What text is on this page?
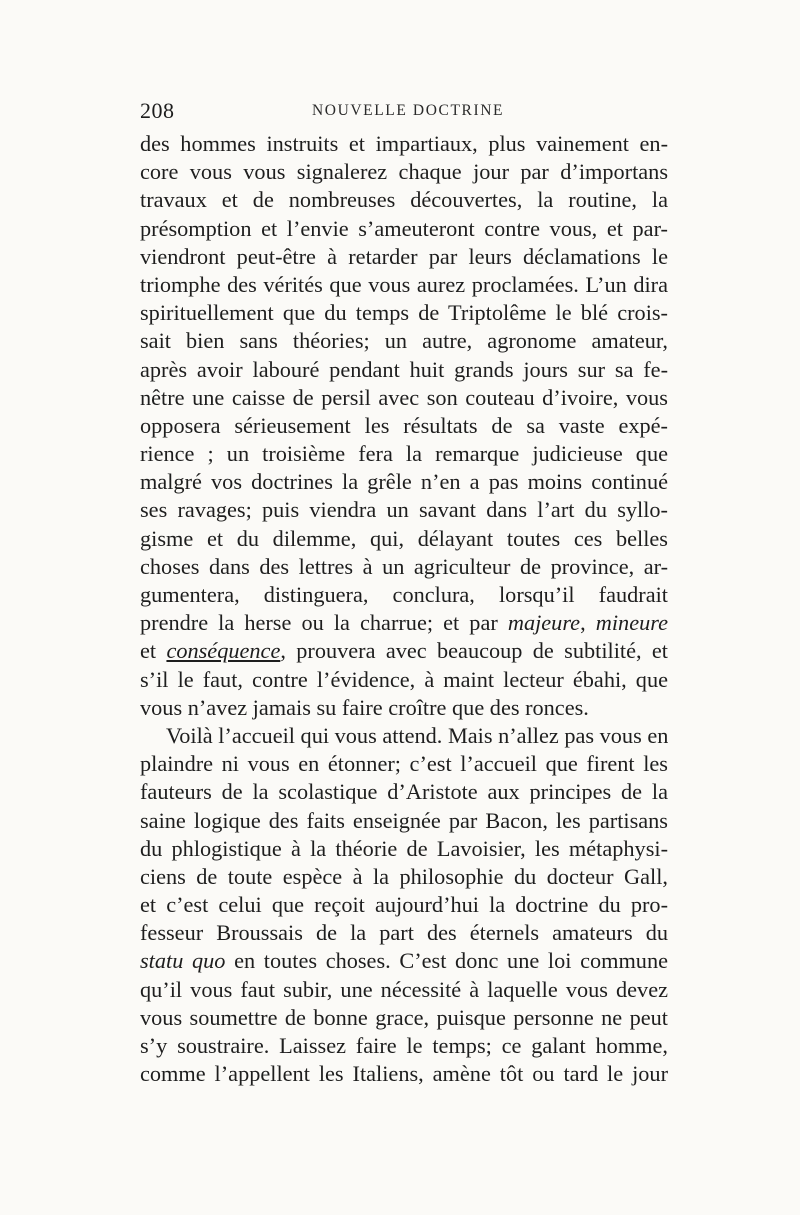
208	NOUVELLE DOCTRINE
des hommes instruits et impartiaux, plus vainement en-
core vous vous signalerez chaque jour par d’importans
travaux et de nombreuses découvertes, la routine, la
présomption et l’envie s’ameuteront contre vous, et par-
viendront peut-être à retarder par leurs déclamations le
triomphe des vérités que vous aurez proclamées. L’un dira
spirituellement que du temps de Triptolême le blé crois-
sait bien sans théories; un autre, agronome amateur,
après avoir labouré pendant huit grands jours sur sa fe-
nêtre une caisse de persil avec son couteau d’ivoire, vous
opposera sérieusement les résultats de sa vaste expé-
rience ; un troisième fera la remarque judicieuse que
malgré vos doctrines la grêle n’en a pas moins continué
ses ravages; puis viendra un savant dans l’art du syllo-
gisme et du dilemme, qui, délayant toutes ces belles
choses dans des lettres à un agriculteur de province, ar-
gumentera, distinguera, conclura, lorsqu’il faudrait
prendre la herse ou la charrue; et par majeure, mineure
et conséquence, prouvera avec beaucoup de subtilité, et
s’il le faut, contre l’évidence, à maint lecteur ébahi, que
vous n’avez jamais su faire croître que des ronces.
Voilà l’accueil qui vous attend. Mais n’allez pas vous en
plaindre ni vous en étonner; c’est l’accueil que firent les
fauteurs de la scolastique d’Aristote aux principes de la
saine logique des faits enseignée par Bacon, les partisans
du phlogistique à la théorie de Lavoisier, les métaphysi-
ciens de toute espèce à la philosophie du docteur Gall,
et c’est celui que reçoit aujourd’hui la doctrine du pro-
fesseur Broussais de la part des éternels amateurs du
statu quo en toutes choses. C’est donc une loi commune
qu’il vous faut subir, une nécessité à laquelle vous devez
vous soumettre de bonne grace, puisque personne ne peut
s’y soustraire. Laissez faire le temps; ce galant homme,
comme l’appellent les Italiens, amène tôt ou tard le jour
